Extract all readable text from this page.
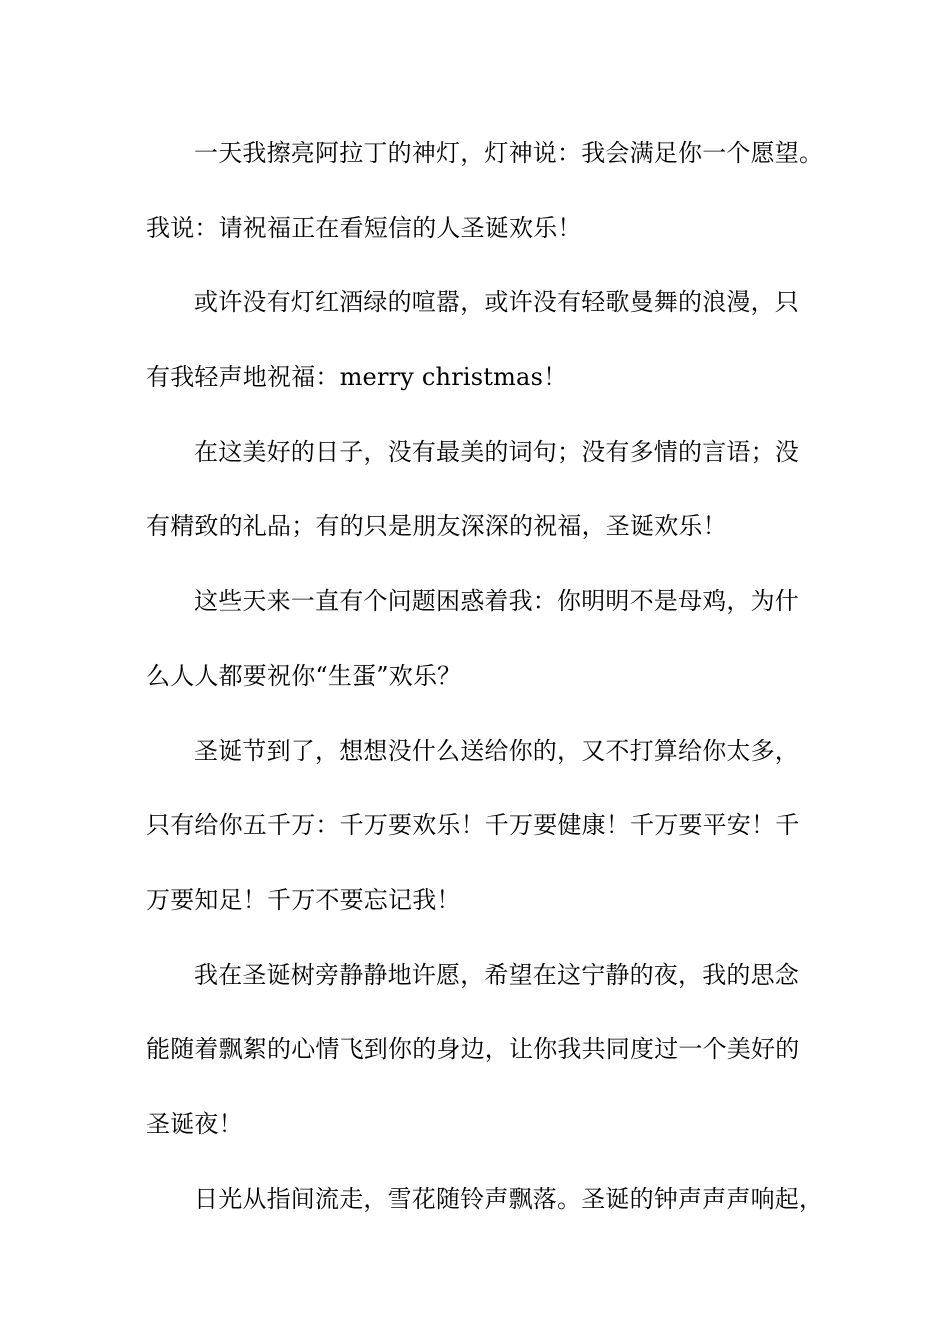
一天我擦亮阿拉丁的神灯，灯神说：我会满足你一个愿望。
我说：请祝福正在看短信的人圣诞欢乐！
或许没有灯红酒绿的喧嚣，或许没有轻歌曼舞的浪漫，只
有我轻声地祝福：merry christmas！
在这美好的日子，没有最美的词句；没有多情的言语；没
有精致的礼品；有的只是朋友深深的祝福，圣诞欢乐！
这些天来一直有个问题困惑着我：你明明不是母鸡，为什
么人人都要祝你“生蛋”欢乐？
圣诞节到了，想想没什么送给你的，又不打算给你太多，
只有给你五千万：千万要欢乐！千万要健康！千万要平安！千
万要知足！千万不要忘记我！
我在圣诞树旁静静地许愿，希望在这宁静的夜，我的思念
能随着飘絮的心情飞到你的身边，让你我共同度过一个美好的
圣诞夜！
日光从指间流走，雪花随铃声飘落。圣诞的钟声声声响起，
